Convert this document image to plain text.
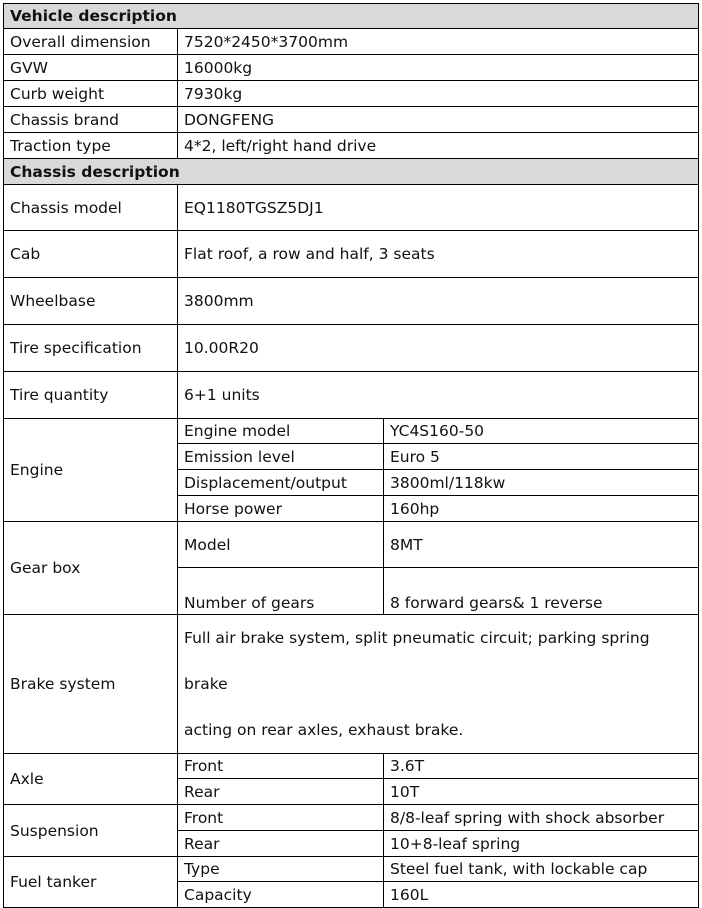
Vehicle description		
Overall dimension	7520*2450*3700mm	
GVW	16000kg	
Curb weight	7930kg	
Chassis brand	DONGFENG	
Traction type	4*2, left/right hand drive	
Chassis description		
Chassis model	EQ1180TGSZ5DJ1	
Cab	Flat roof, a row and half, 3 seats	
Wheelbase	3800mm	
Tire specification	10.00R20	
Tire quantity	6+1 units	
Engine	Engine model	YC4S160-50
	Emission level	Euro 5
	Displacement/output	3800ml/118kw
	Horse power	160hp
Gear box	Model	8MT
	Number of gears	8 forward gears& 1 reverse
Brake system	Full air brake system, split pneumatic circuit; parking spring brake
acting on rear axles, exhaust brake.	

Axle	Front	3.6T
	Rear	10T
Suspension	Front	8/8-leaf spring with shock absorber
	Rear	10+8-leaf spring
Fuel tanker	Type	Steel fuel tank, with lockable cap
	Capacity	160L
